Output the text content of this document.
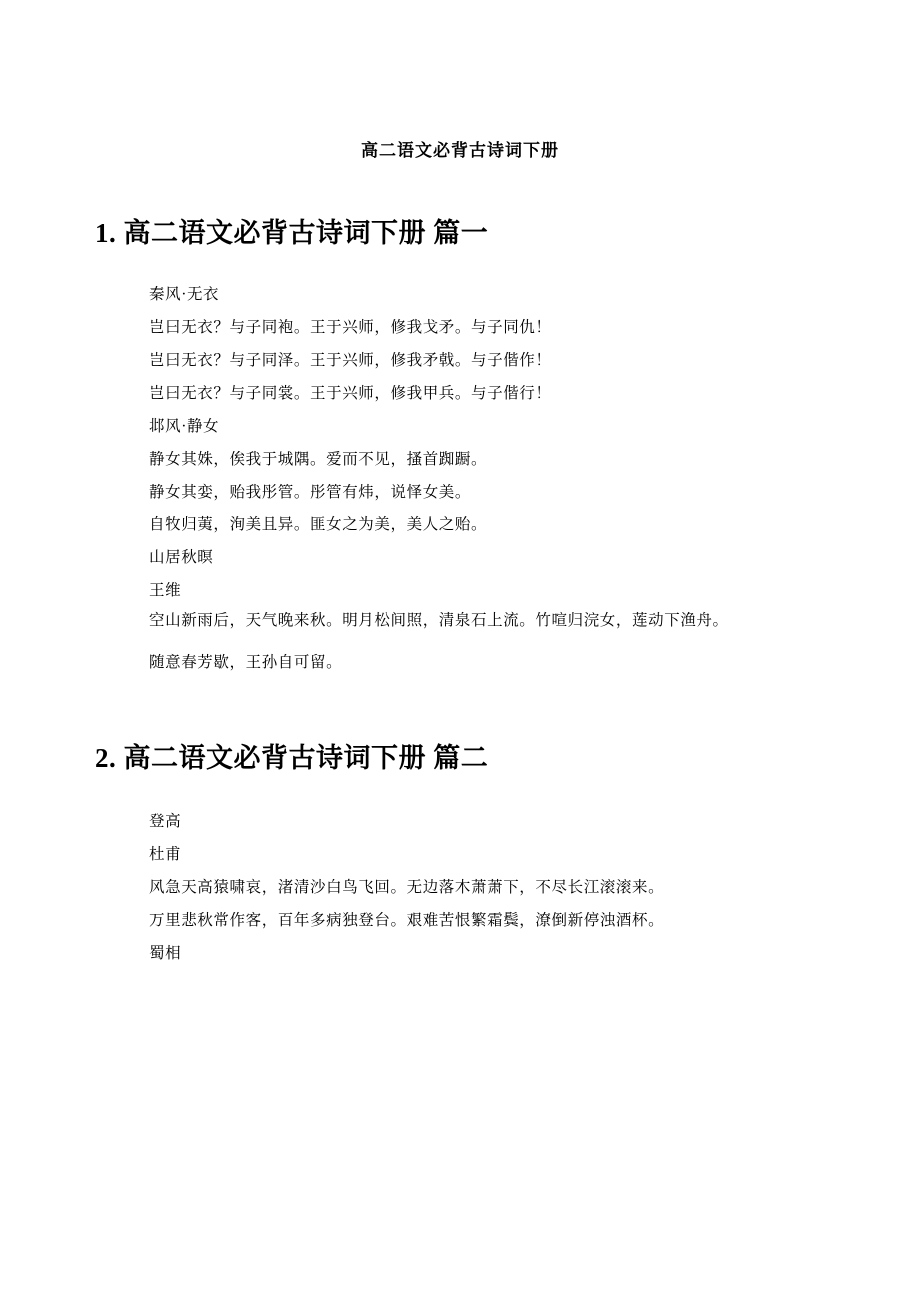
高二语文必背古诗词下册
1. 高二语文必背古诗词下册 篇一

秦风·无衣

岂曰无衣？与子同袍。王于兴师，修我戈矛。与子同仇！

岂曰无衣？与子同泽。王于兴师，修我矛戟。与子偕作！

岂曰无衣？与子同裳。王于兴师，修我甲兵。与子偕行！

邶风·静女

静女其姝，俟我于城隅。爱而不见，搔首踟蹰。

静女其娈，贻我彤管。彤管有炜，说怿女美。

自牧归荑，洵美且异。匪女之为美，美人之贻。

山居秋暝

王维

空山新雨后，天气晚来秋。明月松间照，清泉石上流。竹喧归浣女，莲动下渔舟。

随意春芳歇，王孙自可留。

2. 高二语文必背古诗词下册 篇二

登高

杜甫

风急天高猿啸哀，渚清沙白鸟飞回。无边落木萧萧下，不尽长江滚滚来。

万里悲秋常作客，百年多病独登台。艰难苦恨繁霜鬓，潦倒新停浊酒杯。

蜀相
